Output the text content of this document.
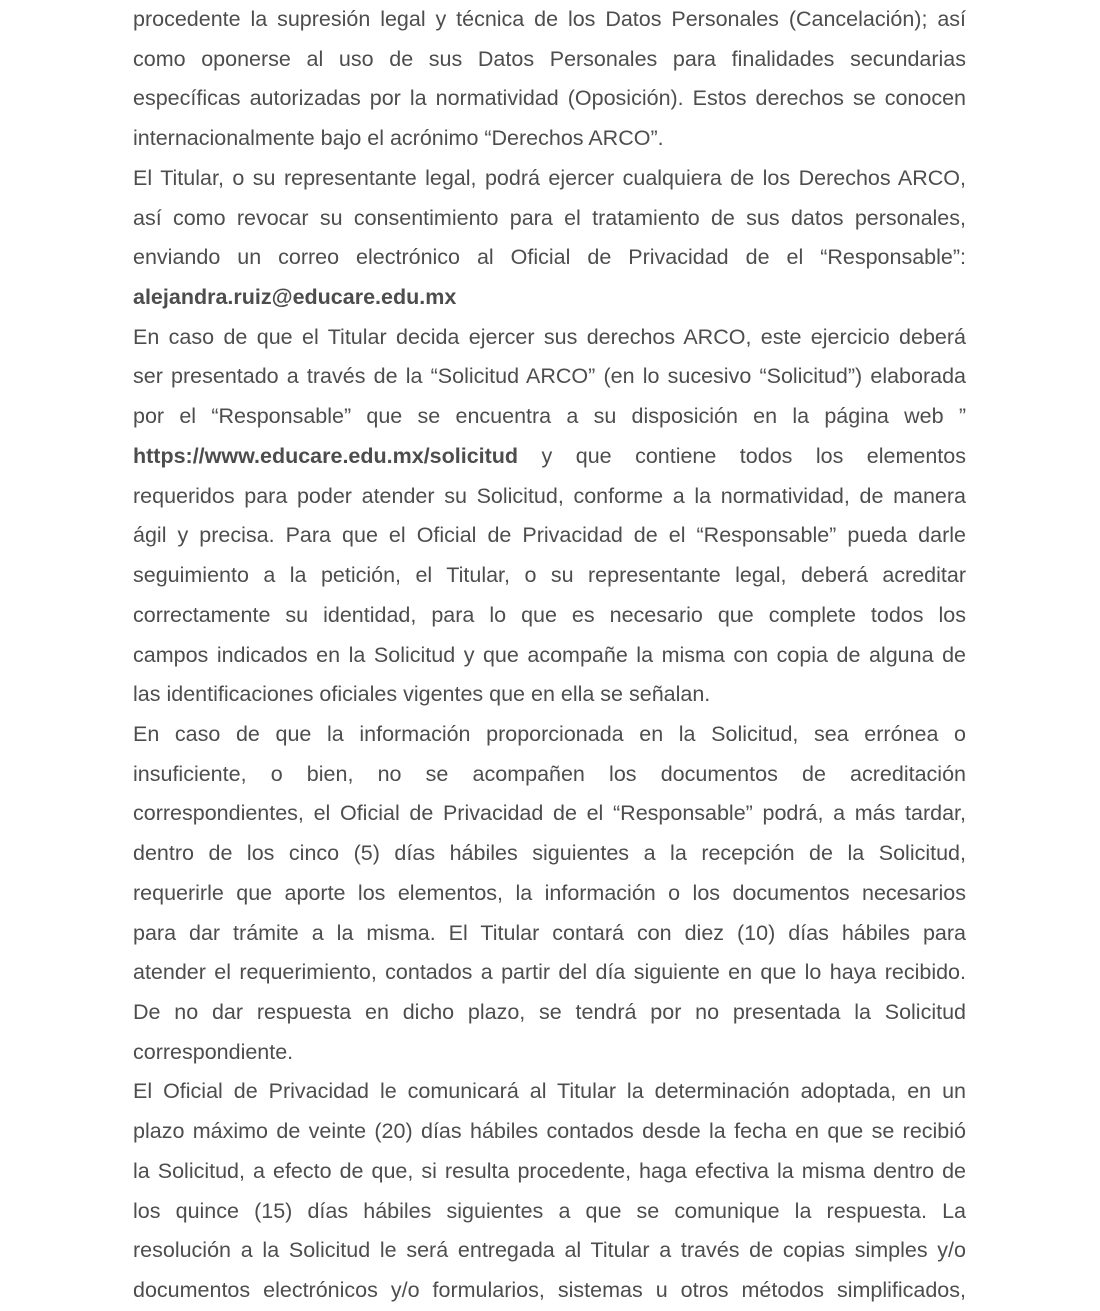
procedente la supresión legal y técnica de los Datos Personales (Cancelación); así
como oponerse al uso de sus Datos Personales para finalidades secundarias
específicas autorizadas por la normatividad (Oposición). Estos derechos se conocen
internacionalmente bajo el acrónimo “Derechos ARCO”.
El Titular, o su representante legal, podrá ejercer cualquiera de los Derechos ARCO,
así como revocar su consentimiento para el tratamiento de sus datos personales,
enviando un correo electrónico al Oficial de Privacidad de el “Responsable”:
alejandra.ruiz@educare.edu.mx
En caso de que el Titular decida ejercer sus derechos ARCO, este ejercicio deberá
ser presentado a través de la “Solicitud ARCO” (en lo sucesivo “Solicitud”) elaborada
por el “Responsable” que se encuentra a su disposición en la página web ”
https://www.educare.edu.mx/solicitud y que contiene todos los elementos
requeridos para poder atender su Solicitud, conforme a la normatividad, de manera
ágil y precisa. Para que el Oficial de Privacidad de el “Responsable” pueda darle
seguimiento a la petición, el Titular, o su representante legal, deberá acreditar
correctamente su identidad, para lo que es necesario que complete todos los
campos indicados en la Solicitud y que acompañe la misma con copia de alguna de
las identificaciones oficiales vigentes que en ella se señalan.
En caso de que la información proporcionada en la Solicitud, sea errónea o
insuficiente, o bien, no se acompañen los documentos de acreditación
correspondientes, el Oficial de Privacidad de el “Responsable” podrá, a más tardar,
dentro de los cinco (5) días hábiles siguientes a la recepción de la Solicitud,
requerirle que aporte los elementos, la información o los documentos necesarios
para dar trámite a la misma. El Titular contará con diez (10) días hábiles para
atender el requerimiento, contados a partir del día siguiente en que lo haya recibido.
De no dar respuesta en dicho plazo, se tendrá por no presentada la Solicitud
correspondiente.
El Oficial de Privacidad le comunicará al Titular la determinación adoptada, en un
plazo máximo de veinte (20) días hábiles contados desde la fecha en que se recibió
la Solicitud, a efecto de que, si resulta procedente, haga efectiva la misma dentro de
los quince (15) días hábiles siguientes a que se comunique la respuesta. La
resolución a la Solicitud le será entregada al Titular a través de copias simples y/o
documentos electrónicos y/o formularios, sistemas u otros métodos simplificados,
